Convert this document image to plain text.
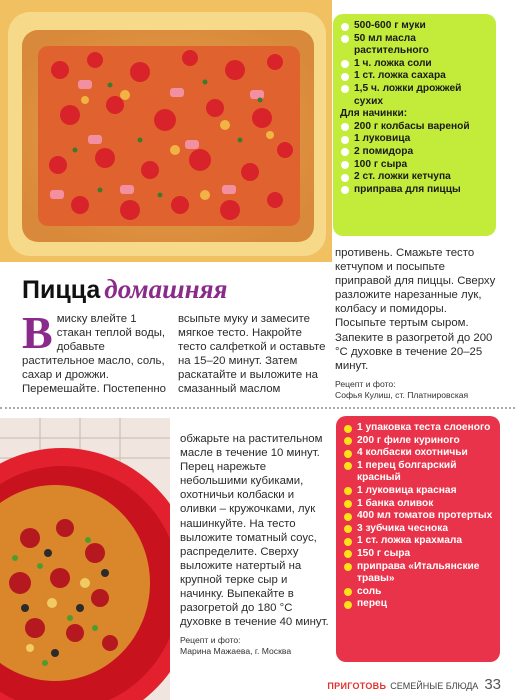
500-600 г муки
50 мл масла растительного
1 ч. ложка соли
1 ст. ложка сахара
1,5 ч. ложки дрожжей сухих
Для начинки:
200 г колбасы вареной
1 луковица
2 помидора
100 г сыра
2 ст. ложки кетчупа
приправа для пиццы
Пицца домашняя
В миску влейте 1 стакан теплой воды, добавьте растительное масло, соль, сахар и дрожжи. Перемешайте. Постепенно
всыпьте муку и замесите мягкое тесто. Накройте тесто салфеткой и оставьте на 15–20 минут. Затем раскатайте и выложите на смазанный маслом
противень. Смажьте тесто кетчупом и посыпьте приправой для пиццы. Сверху разложите нарезанные лук, колбасу и помидоры. Посыпьте тертым сыром. Запеките в разогретой до 200 °С духовке в течение 20–25 минут.
Рецепт и фото:
Софья Кулиш, ст. Платнировская
обжарьте на растительном масле в течение 10 минут. Перец нарежьте небольшими кубиками, охотничьи колбаски и оливки – кружочками, лук нашинкуйте. На тесто выложите томатный соус, распределите. Сверху выложите натертый на крупной терке сыр и начинку. Выпекайте в разогретой до 180 °С духовке в течение 40 минут.
Рецепт и фото:
Марина Мажаева, г. Москва
1 упаковка теста слоеного
200 г филе куриного
4 колбаски охотничьи
1 перец болгарский красный
1 луковица красная
1 банка оливок
400 мл томатов протертых
3 зубчика чеснока
1 ст. ложка крахмала
150 г сыра
приправа «Итальянские травы»
соль
перец
ПРИГОТОВЬ СЕМЕЙНЫЕ БЛЮДА 33
